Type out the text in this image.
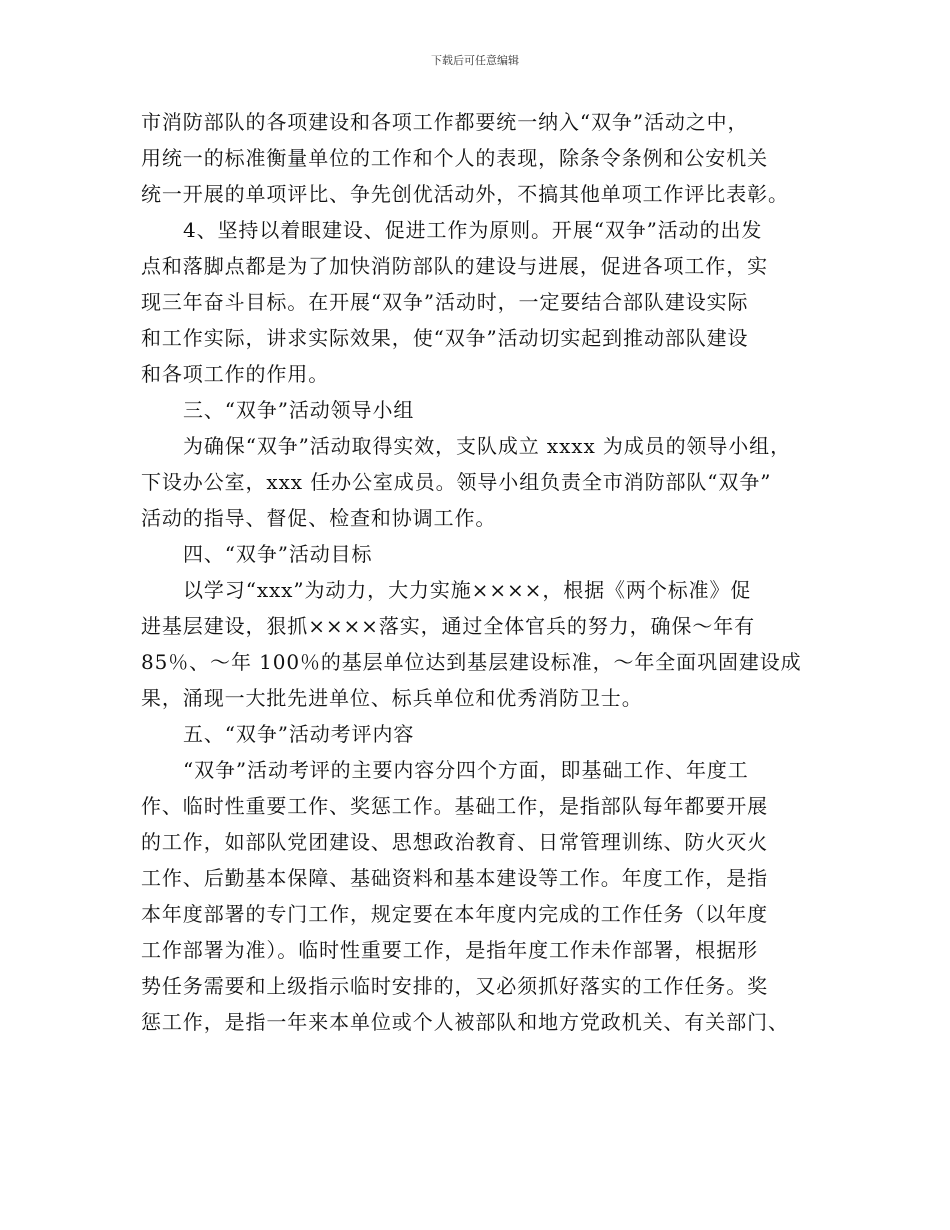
下载后可任意编辑
市消防部队的各项建设和各项工作都要统一纳入“双争”活动之中，
用统一的标准衡量单位的工作和个人的表现，除条令条例和公安机关
统一开展的单项评比、争先创优活动外，不搞其他单项工作评比表彰。
4、坚持以着眼建设、促进工作为原则。开展“双争”活动的出发
点和落脚点都是为了加快消防部队的建设与进展，促进各项工作，实
现三年奋斗目标。在开展“双争”活动时，一定要结合部队建设实际
和工作实际，讲求实际效果，使“双争”活动切实起到推动部队建设
和各项工作的作用。
三、“双争”活动领导小组
为确保“双争”活动取得实效，支队成立 xxxx 为成员的领导小组，
下设办公室，xxx 任办公室成员。领导小组负责全市消防部队“双争”
活动的指导、督促、检查和协调工作。
四、“双争”活动目标
以学习“xxx”为动力，大力实施××××，根据《两个标准》促
进基层建设，狠抓××××落实，通过全体官兵的努力，确保～年有
85％、～年 100％的基层单位达到基层建设标准，～年全面巩固建设成
果，涌现一大批先进单位、标兵单位和优秀消防卫士。
五、“双争”活动考评内容
“双争”活动考评的主要内容分四个方面，即基础工作、年度工
作、临时性重要工作、奖惩工作。基础工作，是指部队每年都要开展
的工作，如部队党团建设、思想政治教育、日常管理训练、防火灭火
工作、后勤基本保障、基础资料和基本建设等工作。年度工作，是指
本年度部署的专门工作，规定要在本年度内完成的工作任务（以年度
工作部署为准）。临时性重要工作，是指年度工作未作部署，根据形
势任务需要和上级指示临时安排的，又必须抓好落实的工作任务。奖
惩工作，是指一年来本单位或个人被部队和地方党政机关、有关部门、
